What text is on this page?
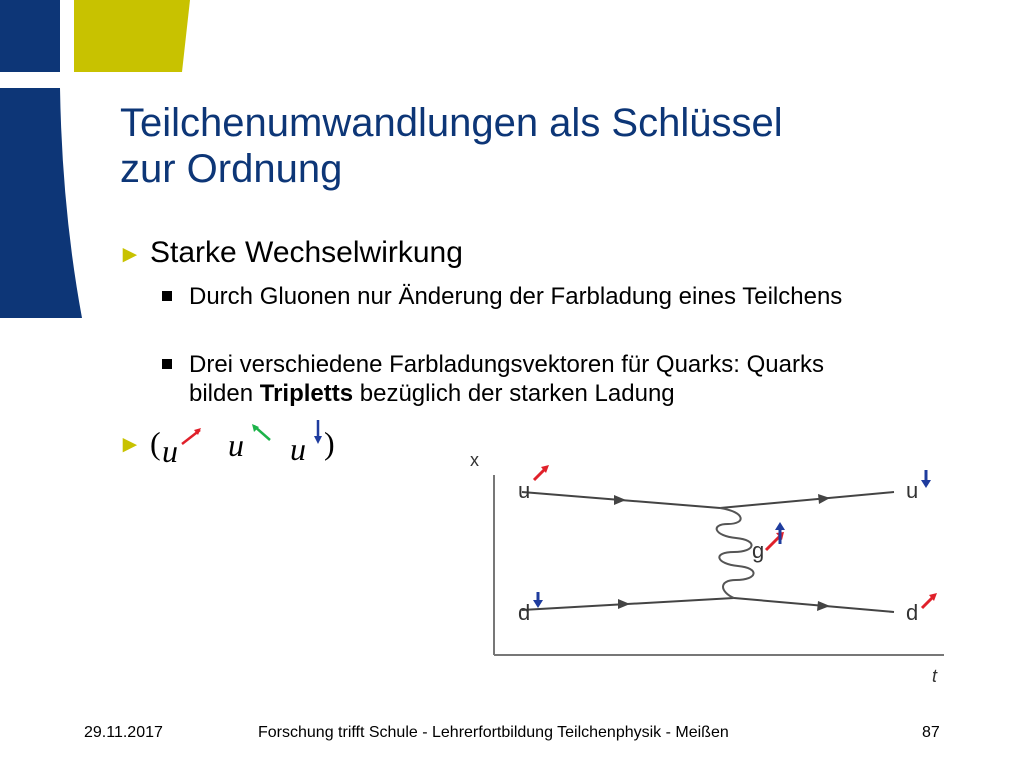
Teilchenumwandlungen als Schlüssel
zur Ordnung
► Starke Wechselwirkung
Durch Gluonen nur Änderung der Farbladung eines Teilchens
Drei verschiedene Farbladungsvektoren für Quarks: Quarks bilden Tripletts bezüglich der starken Ladung
► ( u u u )	x
t
g
u	u
d	d
29.11.2017	Forschung trifft Schule - Lehrerfortbildung Teilchenphysik - Meißen	87
